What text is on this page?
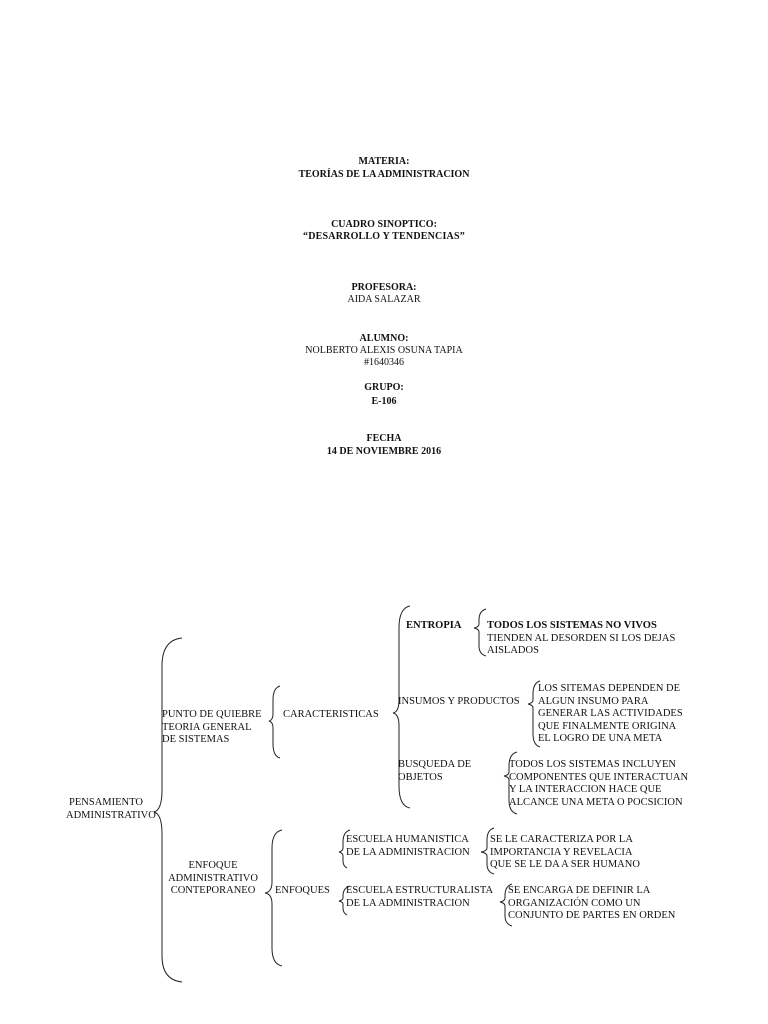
MATERIA:
TEORÍAS DE LA ADMINISTRACION
CUADRO SINOPTICO:
“DESARROLLO Y TENDENCIAS”
PROFESORA:
AIDA SALAZAR
ALUMNO:
NOLBERTO ALEXIS OSUNA TAPIA
#1640346
GRUPO:
E-106
FECHA
14 DE NOVIEMBRE 2016
PENSAMIENTO
ADMINISTRATIVO
PUNTO DE QUIEBRE
TEORIA GENERAL
DE SISTEMAS
CARACTERISTICAS
ENTROPIA TODOS LOS SISTEMAS NO VIVOS
TIENDEN AL DESORDEN SI LOS DEJAS
AISLADOS
INSUMOS Y PRODUCTOS
LOS SITEMAS DEPENDEN DE
ALGUN INSUMO PARA
GENERAR LAS ACTIVIDADES
QUE FINALMENTE ORIGINA
EL LOGRO DE UNA META
BUSQUEDA DE
OBJETOS
TODOS LOS SISTEMAS INCLUYEN
COMPONENTES QUE INTERACTUAN
Y LA INTERACCION HACE QUE
ALCANCE UNA META O POCSICION
ENFOQUE
ADMINISTRATIVO
CONTEPORANEO	ENFOQUES
ESCUELA HUMANISTICA
DE LA ADMINISTRACION
SE LE CARACTERIZA POR LA
IMPORTANCIA Y REVELACIA
QUE SE LE DA A SER HUMANO
ESCUELA ESTRUCTURALISTA
DE LA ADMINISTRACION
SE ENCARGA DE DEFINIR LA
ORGANIZACIÓN COMO UN
CONJUNTO DE PARTES EN ORDEN
